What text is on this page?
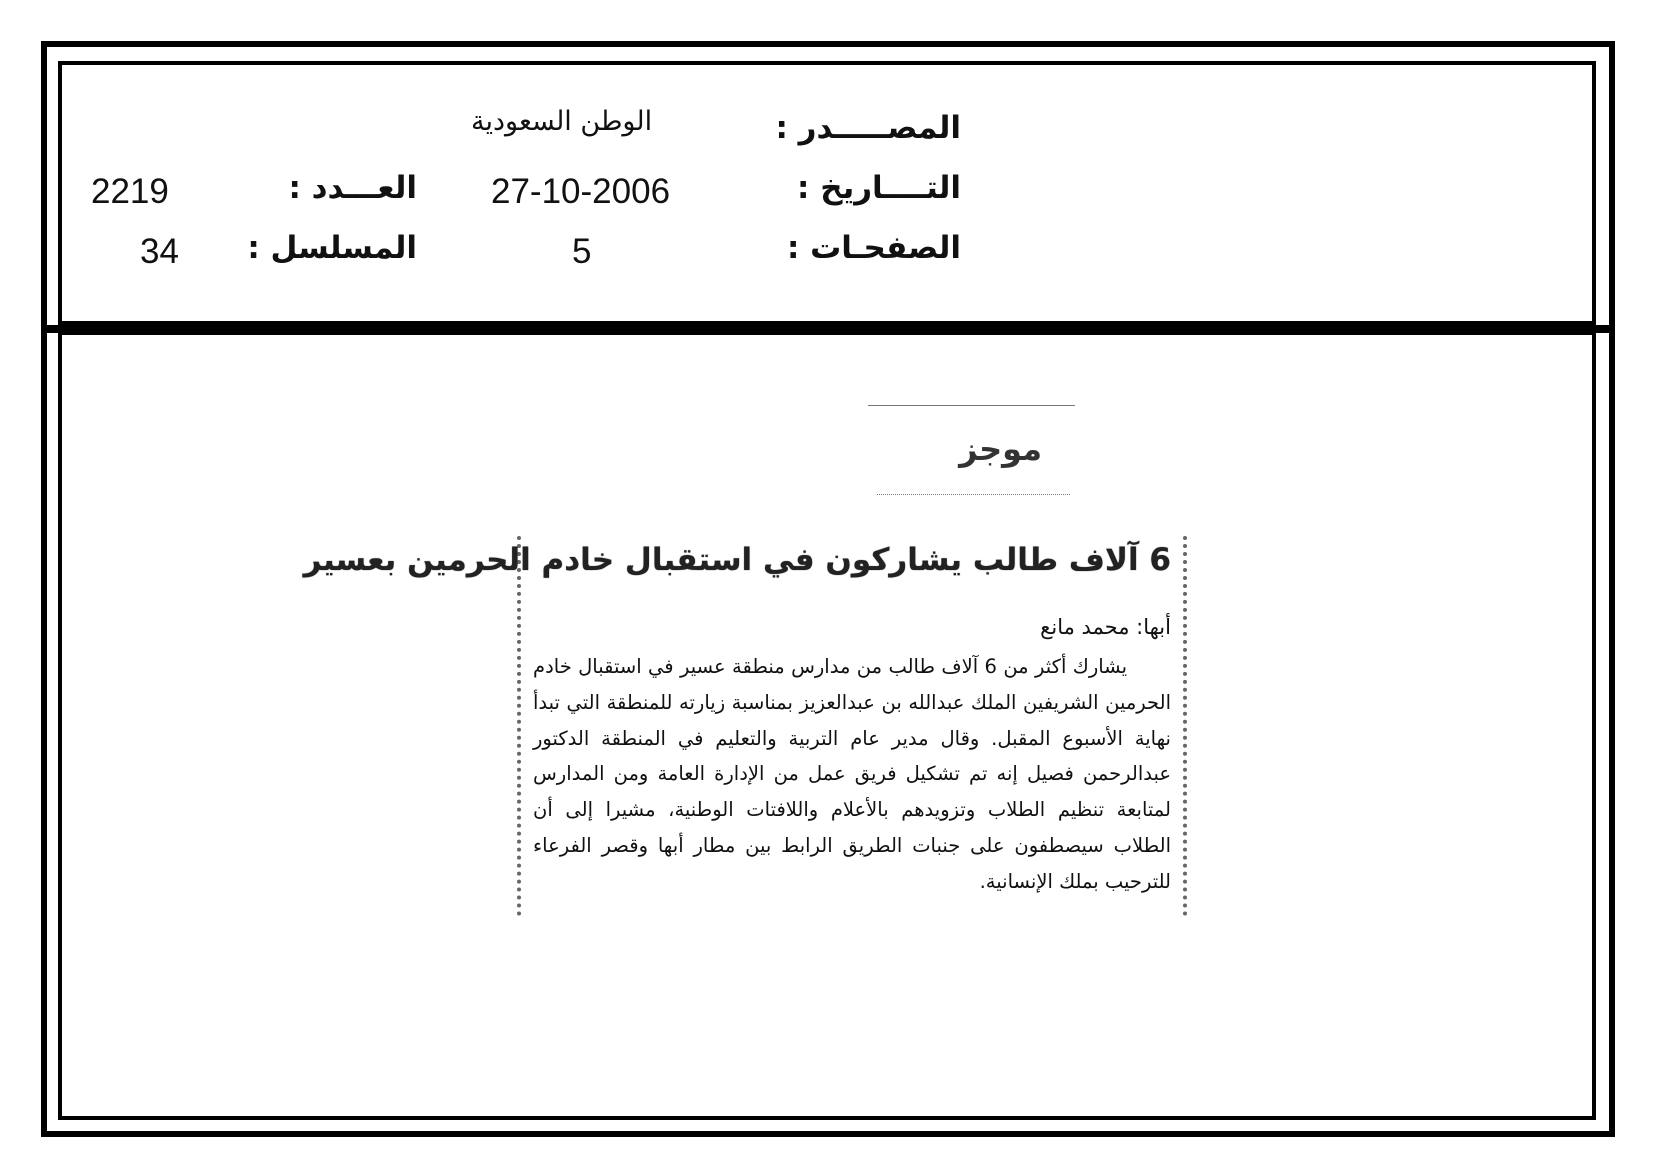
المصـــــدر :
الوطن السعودية
التــــاريخ :
27-10-2006
العـــدد :
2219
الصفحـات :
5
المسلسل :
34
موجز
6 آلاف طالب يشاركون في استقبال خادم الحرمين بعسير
أبها: محمد مانع

يشارك أكثر من 6 آلاف طالب من مدارس منطقة عسير في استقبال خادم الحرمين الشريفين الملك عبدالله بن عبدالعزيز بمناسبة زيارته للمنطقة التي تبدأ نهاية الأسبوع المقبل. وقال مدير عام التربية والتعليم في المنطقة الدكتور عبدالرحمن فصيل إنه تم تشكيل فريق عمل من الإدارة العامة ومن المدارس لمتابعة تنظيم الطلاب وتزويدهم بالأعلام واللافتات الوطنية، مشيرا إلى أن الطلاب سيصطفون على جنبات الطريق الرابط بين مطار أبها وقصر الفرعاء للترحيب بملك الإنسانية.
